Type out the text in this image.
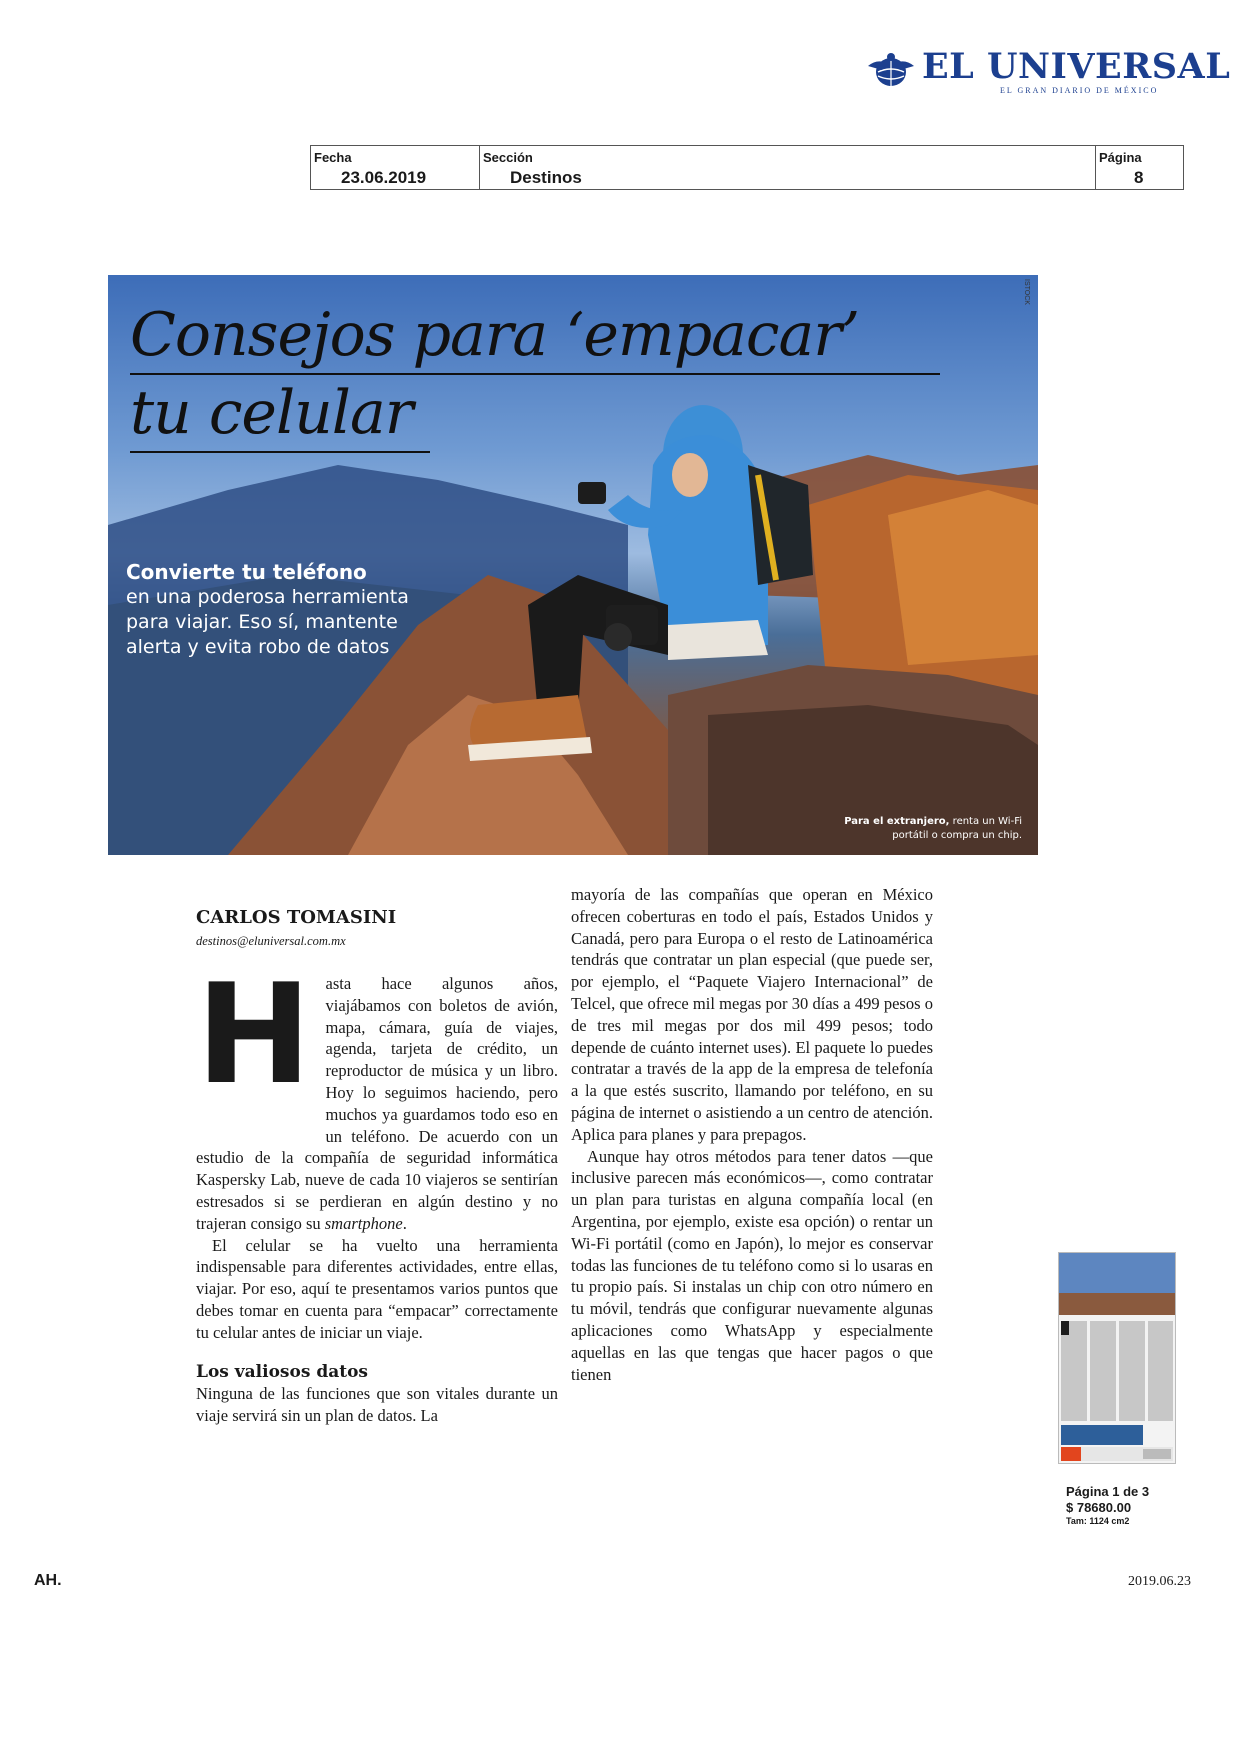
EL UNIVERSAL
EL GRAN DIARIO DE MÉXICO
Fecha
23.06.2019
Sección
Destinos
Página
8
Consejos para ‘empacar’
tu celular
ISTOCK
Convierte tu teléfono
en una poderosa herramienta para viajar. Eso sí, mantente alerta y evita robo de datos
Para el extranjero, renta un Wi-Fi portátil o compra un chip.
CARLOS TOMASINI
destinos@eluniversal.com.mx

Hasta hace algunos años, viajábamos con boletos de avión, mapa, cámara, guía de viajes, agenda, tarjeta de crédito, un reproductor de música y un libro. Hoy lo seguimos haciendo, pero muchos ya guardamos todo eso en un teléfono. De acuerdo con un estudio de la compañía de seguridad informática Kaspersky Lab, nueve de cada 10 viajeros se sentirían estresados si se perdieran en algún destino y no trajeran consigo su smartphone.

El celular se ha vuelto una herramienta indispensable para diferentes actividades, entre ellas, viajar. Por eso, aquí te presentamos varios puntos que debes tomar en cuenta para “empacar” correctamente tu celular antes de iniciar un viaje.

Los valiosos datos

Ninguna de las funciones que son vitales durante un viaje servirá sin un plan de datos. La

mayoría de las compañías que operan en México ofrecen coberturas en todo el país, Estados Unidos y Canadá, pero para Europa o el resto de Latinoamérica tendrás que contratar un plan especial (que puede ser, por ejemplo, el “Paquete Viajero Internacional” de Telcel, que ofrece mil megas por 30 días a 499 pesos o de tres mil megas por dos mil 499 pesos; todo depende de cuánto internet uses). El paquete lo puedes contratar a través de la app de la empresa de telefonía a la que estés suscrito, llamando por teléfono, en su página de internet o asistiendo a un centro de atención. Aplica para planes y para prepagos.

Aunque hay otros métodos para tener datos —que inclusive parecen más económicos—, como contratar un plan para turistas en alguna compañía local (en Argentina, por ejemplo, existe esa opción) o rentar un Wi-Fi portátil (como en Japón), lo mejor es conservar todas las funciones de tu teléfono como si lo usaras en tu propio país. Si instalas un chip con otro número en tu móvil, tendrás que configurar nuevamente algunas aplicaciones como WhatsApp y especialmente aquellas en las que tengas que hacer pagos o que tienen

Página 1 de 3
$ 78680.00
Tam: 1124 cm2
AH.	2019.06.23
